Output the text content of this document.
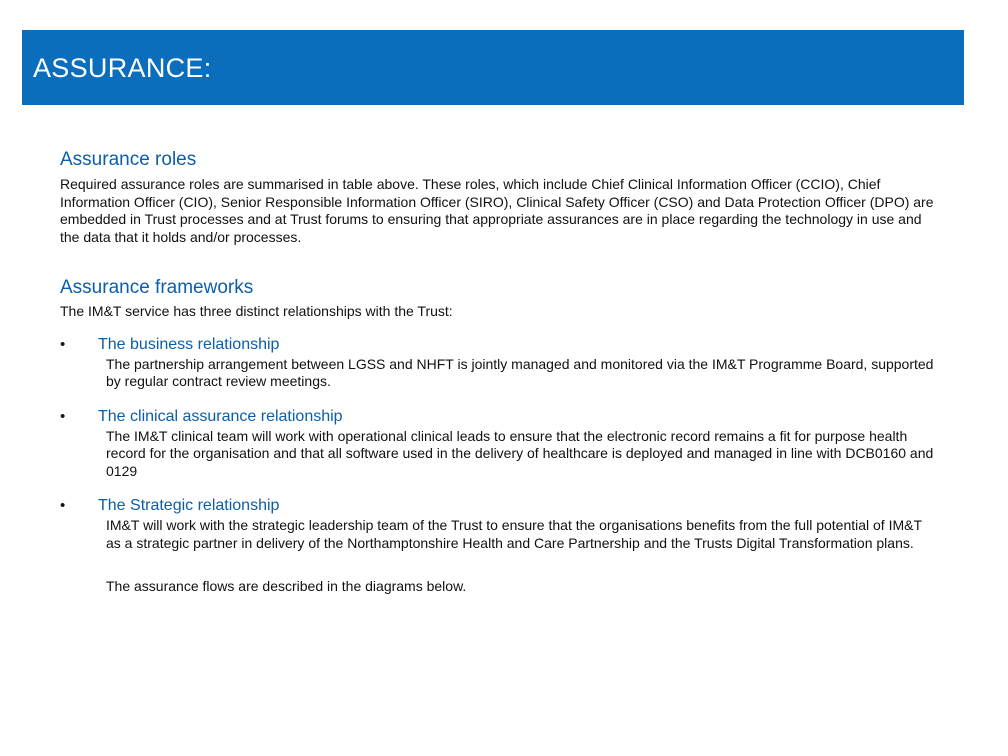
ASSURANCE:
Assurance roles

Required assurance roles are summarised in table above. These roles, which include Chief Clinical Information Officer (CCIO), Chief Information Officer (CIO), Senior Responsible Information Officer (SIRO), Clinical Safety Officer (CSO) and Data Protection Officer (DPO) are embedded in Trust processes and at Trust forums to ensuring that appropriate assurances are in place regarding the technology in use and the data that it holds and/or processes.

Assurance frameworks

The IM&T service has three distinct relationships with the Trust:

• The business relationship

The partnership arrangement between LGSS and NHFT is jointly managed and monitored via the IM&T Programme Board, supported by regular contract review meetings.

• The clinical assurance relationship

The IM&T clinical team will work with operational clinical leads to ensure that the electronic record remains a fit for purpose health record for the organisation and that all software used in the delivery of healthcare is deployed and managed in line with DCB0160 and 0129

• The Strategic relationship

IM&T will work with the strategic leadership team of the Trust to ensure that the organisations benefits from the full potential of IM&T as a strategic partner in delivery of the Northamptonshire Health and Care Partnership and the Trusts Digital Transformation plans.

The assurance flows are described in the diagrams below.
